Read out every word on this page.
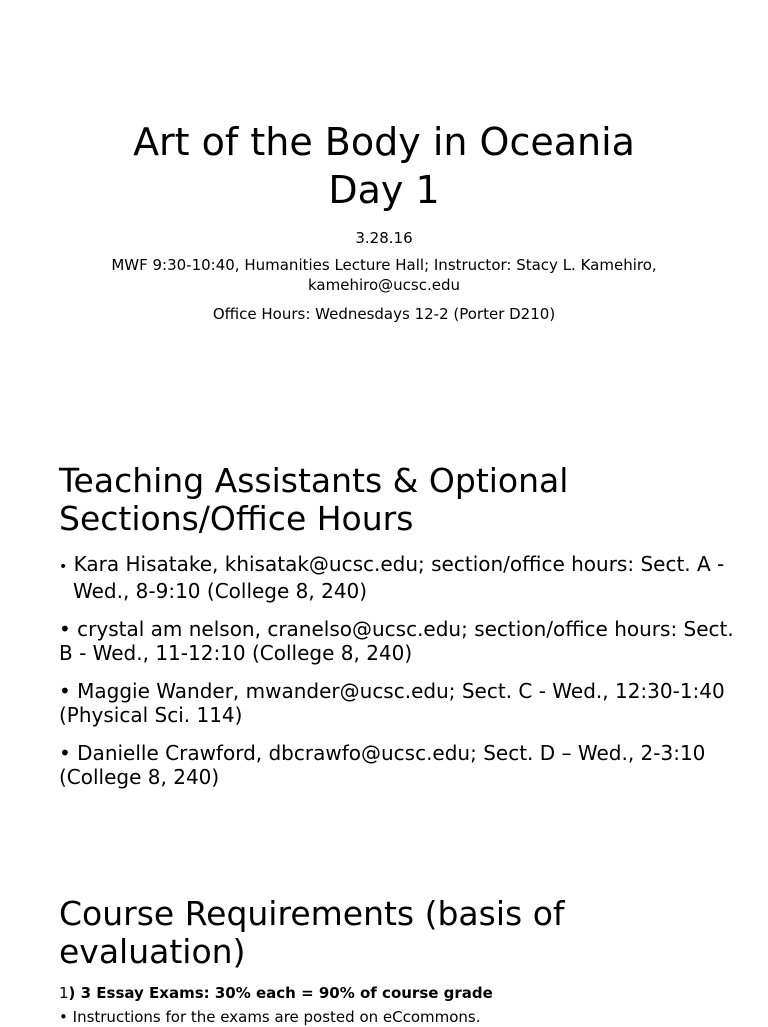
Art of the Body in Oceania
Day 1
3.28.16
MWF 9:30-10:40, Humanities Lecture Hall; Instructor: Stacy L. Kamehiro, kamehiro@ucsc.edu
Office Hours: Wednesdays 12-2 (Porter D210)
Teaching Assistants & Optional
Sections/Office Hours
• Kara Hisatake, khisatak@ucsc.edu; section/office hours: Sect. A - Wed., 8-9:10 (College 8, 240)
• crystal am nelson, cranelso@ucsc.edu; section/office hours: Sect. B - Wed., 11-12:10 (College 8, 240)
• Maggie Wander, mwander@ucsc.edu; Sect. C - Wed., 12:30-1:40 (Physical Sci. 114)
• Danielle Crawford, dbcrawfo@ucsc.edu; Sect. D – Wed., 2-3:10 (College 8, 240)
Course Requirements (basis of
evaluation)
1) 3 Essay Exams: 30% each = 90% of course grade
• Instructions for the exams are posted on eCcommons.
